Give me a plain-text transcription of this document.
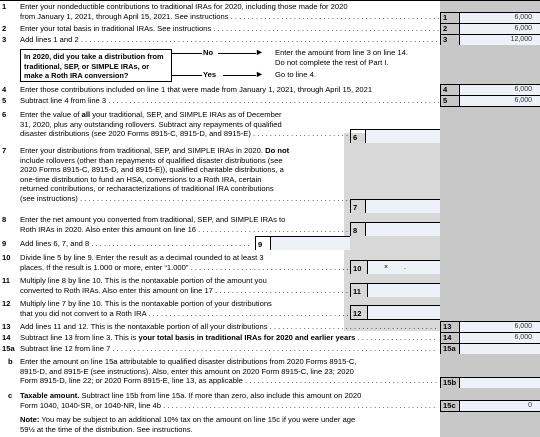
1 Enter your nondeductible contributions to traditional IRAs for 2020, including those made for 2020
from January 1, 2021, through April 15, 2021. See instructions . . .	1	6,000
2 Enter your total basis in traditional IRAs. See instructions . . .	2	6,000
3 Add lines 1 and 2 . . .	3	12,000
In 2020, did you take a distribution from traditional, SEP, or SIMPLE IRAs, or make a Roth IRA conversion?
No	► Enter the amount from line 3 on line 14.
Do not complete the rest of Part I.
Yes	► Go to line 4.
4 Enter those contributions included on line 1 that were made from January 1, 2021, through April 15, 2021	4	6,000
5 Subtract line 4 from line 3 . . .	5	6,000
6 Enter the value of all your traditional, SEP, and SIMPLE IRAs as of December
31, 2020, plus any outstanding rollovers. Subtract any repayments of qualified
disaster distributions (see 2020 Forms 8915-C, 8915-D, and 8915-E) . . .	6
7 Enter your distributions from traditional, SEP, and SIMPLE IRAs in 2020. Do not
include rollovers (other than repayments of qualified disaster distributions (see
2020 Forms 8915-C, 8915-D, and 8915-E)), qualified charitable distributions, a
one-time distribution to fund an HSA, conversions to a Roth IRA, certain
returned contributions, or recharacterizations of traditional IRA contributions
(see instructions) . . .
7
8 Enter the net amount you converted from traditional, SEP, and SIMPLE IRAs to
Roth IRAs in 2020. Also enter this amount on line 16 . . .	8
9 Add lines 6, 7, and 8 . . .	9
10 Divide line 5 by line 9. Enter the result as a decimal rounded to at least 3
places. If the result is 1.000 or more, enter “1.000” . . .	10	× .
11 Multiply line 8 by line 10. This is the nontaxable portion of the amount you
converted to Roth IRAs. Also enter this amount on line 17 . . .	11
12 Multiply line 7 by line 10. This is the nontaxable portion of your distributions
that you did not convert to a Roth IRA . . .	12
13 Add lines 11 and 12. This is the nontaxable portion of all your distributions . . .	13	6,000
14 Subtract line 13 from line 3. This is your total basis in traditional IRAs for 2020 and earlier years . . .	14	6,000
15a Subtract line 12 from line 7 . . .	15a
b Enter the amount on line 15a attributable to qualified disaster distributions from 2020 Forms 8915-C,
8915-D, and 8915-E (see instructions). Also, enter this amount on 2020 Form 8915-C, line 23; 2020
Form 8915-D, line 22; or 2020 Form 8915-E, line 13, as applicable . . .	15b
c Taxable amount. Subtract line 15b from line 15a. If more than zero, also include this amount on 2020
Form 1040, 1040-SR, or 1040-NR, line 4b . . .	15c	0
Note: You may be subject to an additional 10% tax on the amount on line 15c if you were under age
59½ at the time of the distribution. See instructions.
